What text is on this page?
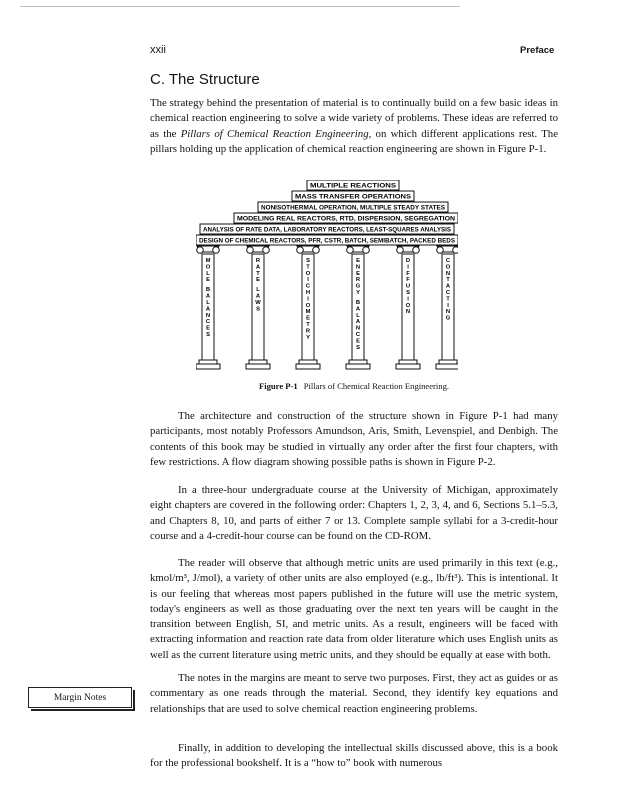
xxii	Preface
C. The Structure

The strategy behind the presentation of material is to continually build on a few basic ideas in chemical reaction engineering to solve a wide variety of problems. These ideas are referred to as the Pillars of Chemical Reaction Engineering, on which different applications rest. The pillars holding up the application of chemical reaction engineering are shown in Figure P-1.

MULTIPLE REACTIONS
MASS TRANSFER OPERATIONS
NONISOTHERMAL OPERATION, MULTIPLE STEADY STATES
MODELING REAL REACTORS, RTD, DISPERSION, SEGREGATION
ANALYSIS OF RATE DATA, LABORATORY REACTORS, LEAST-SQUARES ANALYSIS
DESIGN OF CHEMICAL REACTORS, PFR, CSTR, BATCH, SEMIBATCH, PACKED BEDS
M O L E B A L A N C E S
R A T E L A W S
S T O I C H I O M E T R Y
E N E R G Y B A L A N C E S
D I F F U S I O N
C O N T A C T I N G
Figure P-1 Pillars of Chemical Reaction Engineering.

The architecture and construction of the structure shown in Figure P-1 had many participants, most notably Professors Amundson, Aris, Smith, Levenspiel, and Denbigh. The contents of this book may be studied in virtually any order after the first four chapters, with few restrictions. A flow diagram showing possible paths is shown in Figure P-2.

In a three-hour undergraduate course at the University of Michigan, approximately eight chapters are covered in the following order: Chapters 1, 2, 3, 4, and 6, Sections 5.1–5.3, and Chapters 8, 10, and parts of either 7 or 13. Complete sample syllabi for a 3-credit-hour course and a 4-credit-hour course can be found on the CD-ROM.

The reader will observe that although metric units are used primarily in this text (e.g., kmol/m³, J/mol), a variety of other units are also employed (e.g., lb/ft³). This is intentional. It is our feeling that whereas most papers published in the future will use the metric system, today's engineers as well as those graduating over the next ten years will be caught in the transition between English, SI, and metric units. As a result, engineers will be faced with extracting information and reaction rate data from older literature which uses English units as well as the current literature using metric units, and they should be equally at ease with both.

The notes in the margins are meant to serve two purposes. First, they act as guides or as commentary as one reads through the material. Second, they identify key equations and relationships that are used to solve chemical reaction engineering problems.

Finally, in addition to developing the intellectual skills discussed above, this is a book for the professional bookshelf. It is a “how to” book with numerous

Margin Notes
